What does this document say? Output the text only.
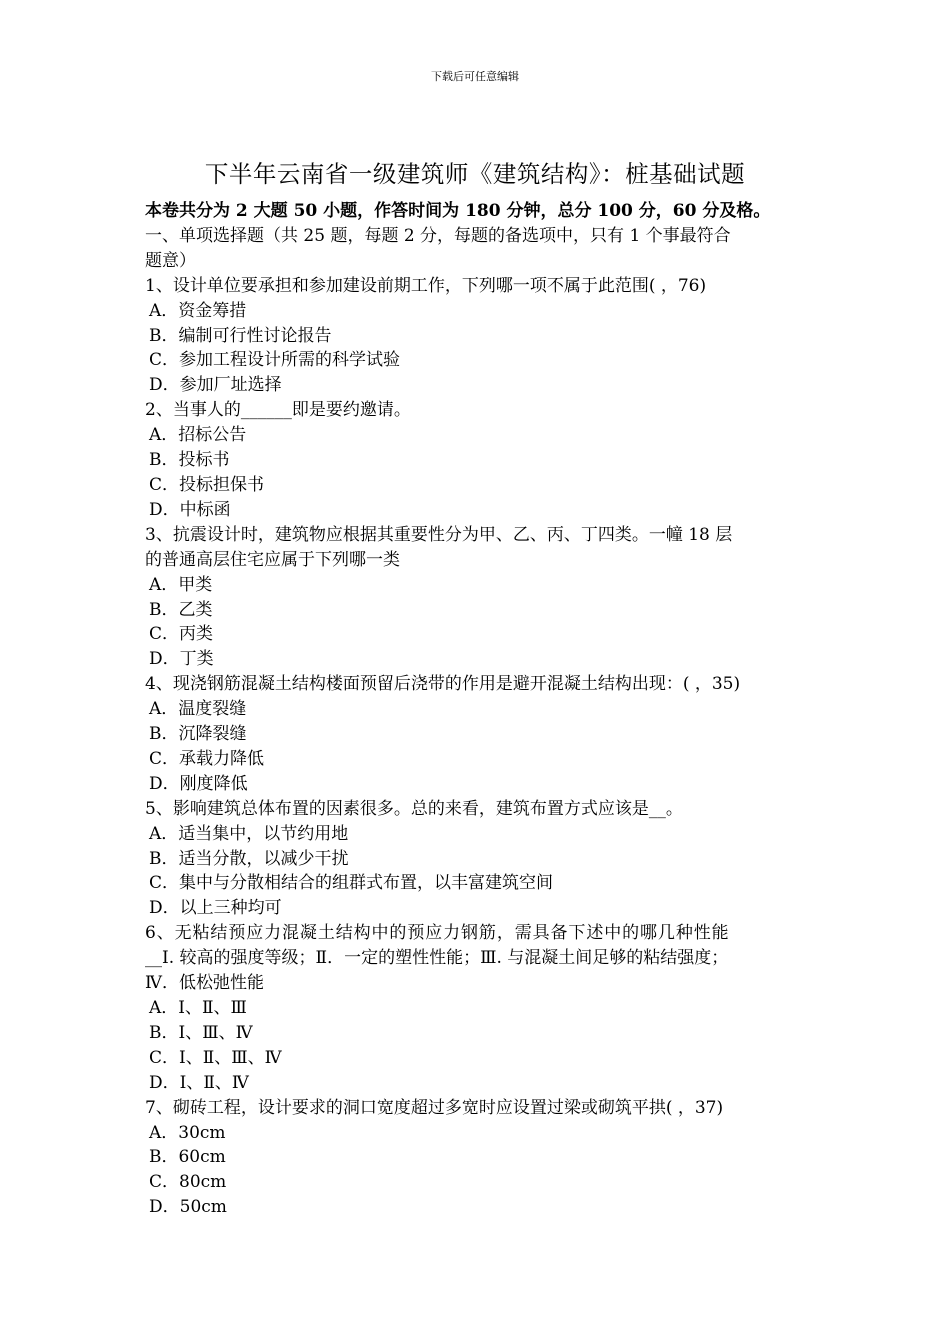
下载后可任意编辑
下半年云南省一级建筑师《建筑结构》：桩基础试题

本卷共分为 2 大题 50 小题，作答时间为 180 分钟，总分 100 分，60 分及格。

一、单项选择题（共 25 题，每题 2 分，每题的备选项中，只有 1 个事最符合

题意）

1、设计单位要承担和参加建设前期工作，下列哪一项不属于此范围( ，76)

A．资金筹措

B．编制可行性讨论报告

C．参加工程设计所需的科学试验

D．参加厂址选择

2、当事人的______即是要约邀请。

A．招标公告

B．投标书

C．投标担保书

D．中标函

3、抗震设计时，建筑物应根据其重要性分为甲、乙、丙、丁四类。一幢 18 层

的普通高层住宅应属于下列哪一类

A．甲类

B．乙类

C．丙类

D．丁类

4、现浇钢筋混凝土结构楼面预留后浇带的作用是避开混凝土结构出现：( ，35)

A．温度裂缝

B．沉降裂缝

C．承载力降低

D．刚度降低

5、影响建筑总体布置的因素很多。总的来看，建筑布置方式应该是__。

A．适当集中，以节约用地

B．适当分散，以减少干扰

C．集中与分散相结合的组群式布置，以丰富建筑空间

D．以上三种均可

6、无粘结预应力混凝土结构中的预应力钢筋，需具备下述中的哪几种性能

__Ⅰ. 较高的强度等级；Ⅱ．一定的塑性性能；Ⅲ. 与混凝土间足够的粘结强度；

Ⅳ．低松弛性能

A．Ⅰ、Ⅱ、Ⅲ

B．Ⅰ、Ⅲ、Ⅳ

C．Ⅰ、Ⅱ、Ⅲ、Ⅳ

D．Ⅰ、Ⅱ、Ⅳ

7、砌砖工程，设计要求的洞口宽度超过多宽时应设置过梁或砌筑平拱( ，37)

A．30cm

B．60cm

C．80cm

D．50cm
